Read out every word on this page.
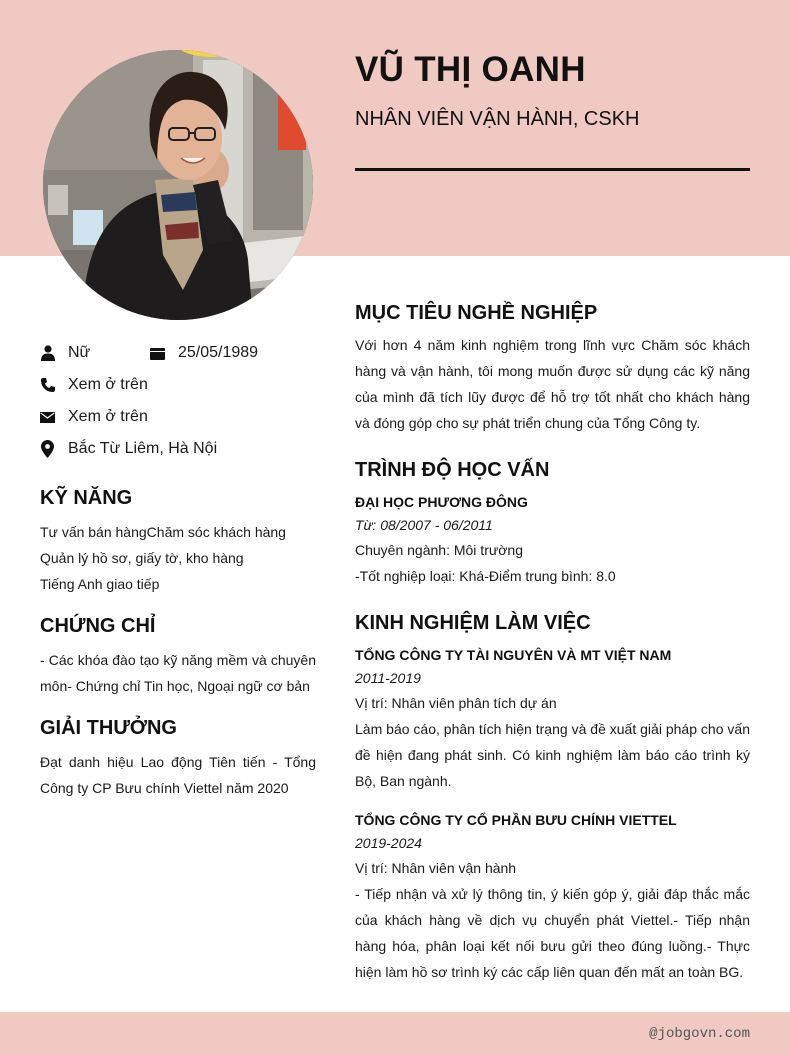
VŨ THỊ OANH
NHÂN VIÊN VẬN HÀNH, CSKH
Nữ	25/05/1989
Xem ở trên
Xem ở trên
Bắc Từ Liêm, Hà Nội
KỸ NĂNG
Tư vấn bán hàngChăm sóc khách hàng
Quản lý hồ sơ, giấy tờ, kho hàng
Tiếng Anh giao tiếp
CHỨNG CHỈ
- Các khóa đào tạo kỹ năng mềm và chuyên môn- Chứng chỉ Tin học, Ngoại ngữ cơ bản
GIẢI THƯỞNG
Đạt danh hiệu Lao động Tiên tiến - Tổng Công ty CP Bưu chính Viettel năm 2020
MỤC TIÊU NGHỀ NGHIỆP
Với hơn 4 năm kinh nghiệm trong lĩnh vực Chăm sóc khách hàng và vận hành, tôi mong muốn được sử dụng các kỹ năng của mình đã tích lũy được để hỗ trợ tốt nhất cho khách hàng và đóng góp cho sự phát triển chung của Tổng Công ty.
TRÌNH ĐỘ HỌC VẤN
ĐẠI HỌC PHƯƠNG ĐÔNG
Từ: 08/2007 - 06/2011
Chuyên ngành: Môi trường
-Tốt nghiệp loại: Khá-Điểm trung bình: 8.0
KINH NGHIỆM LÀM VIỆC
TỔNG CÔNG TY TÀI NGUYÊN VÀ MT VIỆT NAM
2011-2019
Vị trí: Nhân viên phân tích dự án
Làm báo cáo, phân tích hiện trạng và đề xuất giải pháp cho vấn đề hiện đang phát sinh. Có kinh nghiệm làm báo cáo trình ký Bộ, Ban ngành.
TỔNG CÔNG TY CỔ PHẦN BƯU CHÍNH VIETTEL
2019-2024
Vị trí: Nhân viên vận hành
- Tiếp nhận và xử lý thông tin, ý kiến góp ý, giải đáp thắc mắc của khách hàng về dịch vụ chuyển phát Viettel.- Tiếp nhận hàng hóa, phân loại kết nối bưu gửi theo đúng luồng.- Thực hiện làm hồ sơ trình ký các cấp liên quan đến mất an toàn BG.
@jobgovn.com
